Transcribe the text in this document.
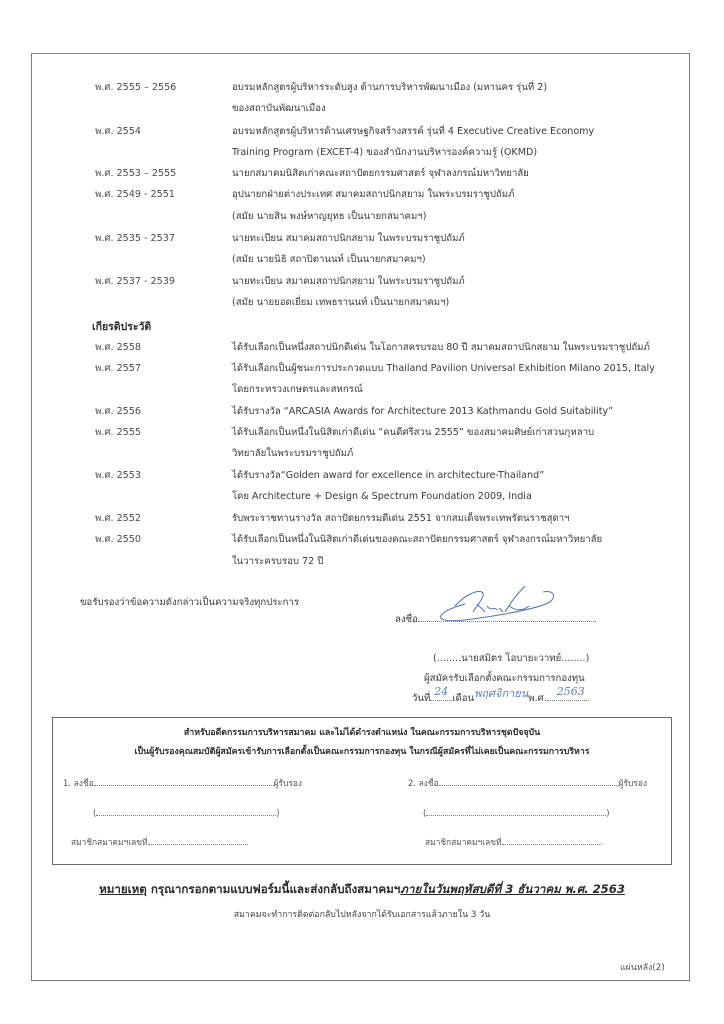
พ.ศ. 2555 – 2556	อบรมหลักสูตรผู้บริหารระดับสูง ด้านการบริหารพัฒนาเมือง (มหานคร รุ่นที่ 2)
ของสถาบันพัฒนาเมือง
พ.ศ. 2554	อบรมหลักสูตรผู้บริหารด้านเศรษฐกิจสร้างสรรค์ รุ่นที่ 4 Executive Creative Economy
Training Program (EXCET-4) ของสำนักงานบริหารองค์ความรู้ (OKMD)
พ.ศ. 2553 – 2555	นายกสมาคมนิสิตเก่าคณะสถาปัตยกรรมศาสตร์ จุฬาลงกรณ์มหาวิทยาลัย
พ.ศ. 2549 - 2551	อุปนายกฝ่ายต่างประเทศ สมาคมสถาปนิกสยาม ในพระบรมราชูปถัมภ์
(สมัย นายสิน พงษ์หาญยุทธ เป็นนายกสมาคมฯ)
พ.ศ. 2535 - 2537	นายทะเบียน สมาคมสถาปนิกสยาม ในพระบรมราชูปถัมภ์
(สมัย นายนิธิ สถาปิตานนท์ เป็นนายกสมาคมฯ)
พ.ศ. 2537 - 2539	นายทะเบียน สมาคมสถาปนิกสยาม ในพระบรมราชูปถัมภ์
(สมัย นายยอดเยี่ยม เทพธรานนท์ เป็นนายกสมาคมฯ)
เกียรติประวัติ
พ.ศ. 2558	ได้รับเลือกเป็นหนึ่งสถาปนิกดีเด่น ในโอกาสครบรอบ 80 ปี สมาคมสถาปนิกสยาม ในพระบรมราชูปถัมภ์
พ.ศ. 2557	ได้รับเลือกเป็นผู้ชนะการประกวดแบบ Thailand Pavilion Universal Exhibition Milano 2015, Italy
โดยกระทรวงเกษตรและสหกรณ์
พ.ศ. 2556	ได้รับรางวัล “ARCASIA Awards for Architecture 2013 Kathmandu Gold Suitability”
พ.ศ. 2555	ได้รับเลือกเป็นหนึ่งในนิสิตเก่าดีเด่น “คนดีศรีสวน 2555” ของสมาคมศิษย์เก่าสวนกุหลาบ
วิทยาลัยในพระบรมราชูปถัมภ์
พ.ศ. 2553	ได้รับรางวัล“Golden award for excellence in architecture-Thailand”
โดย Architecture + Design & Spectrum Foundation 2009, India
พ.ศ. 2552	รับพระราชทานรางวัล สถาปัตยกรรมดีเด่น 2551 จากสมเด็จพระเทพรัตนราชสุดาฯ
พ.ศ. 2550	ได้รับเลือกเป็นหนึ่งในนิสิตเก่าดีเด่นของคณะสถาปัตยกรรมศาสตร์ จุฬาลงกรณ์มหาวิทยาลัย
ในวาระครบรอบ 72 ปี
ขอรับรองว่าข้อความดังกล่าวเป็นความจริงทุกประการ
ลงชื่อ
(........นายสมิตร โอบายะวาทย์........)
ผู้สมัครรับเลือกตั้งคณะกรรมการกองทุน
วันที่
24
เดือนพฤศจิกายนพ.ศ.
2563
สำหรับอดีตกรรมการบริหารสมาคม และไม่ได้ดำรงตำแหน่ง ในคณะกรรมการบริหารชุดปัจจุบัน
เป็นผู้รับรองคุณสมบัติผู้สมัครเข้ารับการเลือกตั้งเป็นคณะกรรมการกองทุน ในกรณีผู้สมัครที่ไม่เคยเป็นคณะกรรมการบริหาร
1. ลงชื่อ	ผู้รับรอง
(	)
สมาชิกสมาคมฯเลขที่
2. ลงชื่อ	ผู้รับรอง
(	)
สมาชิกสมาคมฯเลขที่
หมายเหตุ กรุณากรอกตามแบบฟอร์มนี้และส่งกลับถึงสมาคมฯภายในวันพฤหัสบดีที่ 3 ธันวาคม พ.ศ. 2563
สมาคมจะทำการติดต่อกลับไปหลังจากได้รับเอกสารแล้วภายใน 3 วัน
แผ่นหลัง(2)
